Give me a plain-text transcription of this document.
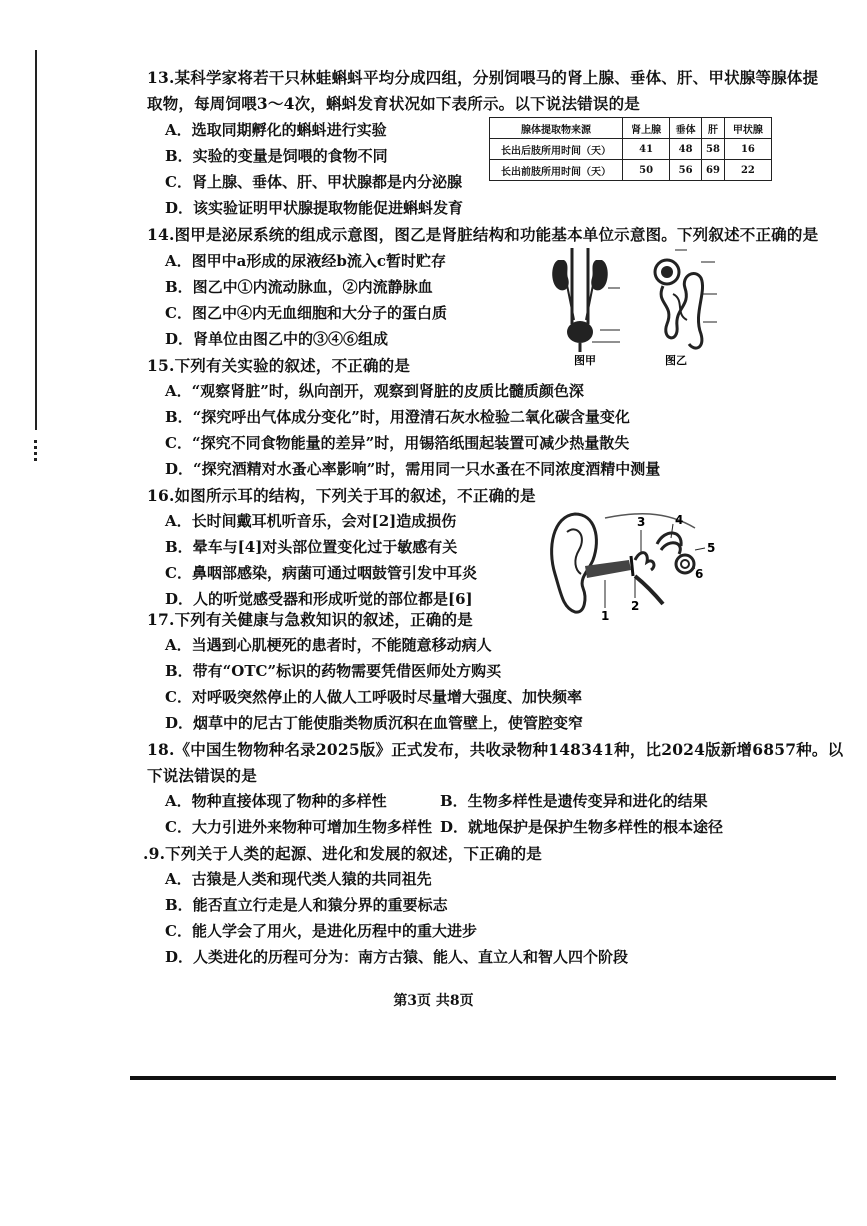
13.某科学家将若干只林蛙蝌蚪平均分成四组，分别饲喂马的肾上腺、垂体、肝、甲状腺等腺体提
取物，每周饲喂3～4次，蝌蚪发育状况如下表所示。以下说法错误的是
A．选取同期孵化的蝌蚪进行实验
B．实验的变量是饲喂的食物不同
C．肾上腺、垂体、肝、甲状腺都是内分泌腺
D．该实验证明甲状腺提取物能促进蝌蚪发育
腺体提取物来源	肾上腺	垂体	肝	甲状腺
长出后肢所用时间（天）	41	48	58	16
长出前肢所用时间（天）	50	56	69	22
14.图甲是泌尿系统的组成示意图，图乙是肾脏结构和功能基本单位示意图。下列叙述不正确的是
A．图甲中a形成的尿液经b流入c暂时贮存
B．图乙中①内流动脉血，②内流静脉血
C．图乙中④内无血细胞和大分子的蛋白质
D．肾单位由图乙中的③④⑥组成
图甲	图乙
15.下列有关实验的叙述，不正确的是
A．“观察肾脏”时，纵向剖开，观察到肾脏的皮质比髓质颜色深
B．“探究呼出气体成分变化”时，用澄清石灰水检验二氧化碳含量变化
C．“探究不同食物能量的差异”时，用锡箔纸围起装置可减少热量散失
D．“探究酒精对水蚤心率影响”时，需用同一只水蚤在不同浓度酒精中测量
16.如图所示耳的结构，下列关于耳的叙述，不正确的是
A．长时间戴耳机听音乐，会对[2]造成损伤
B．晕车与[4]对头部位置变化过于敏感有关
C．鼻咽部感染，病菌可通过咽鼓管引发中耳炎
D．人的听觉感受器和形成听觉的部位都是[6]
1
2
3 4
5
6
17.下列有关健康与急救知识的叙述，正确的是
A．当遇到心肌梗死的患者时，不能随意移动病人
B．带有“OTC”标识的药物需要凭借医师处方购买
C．对呼吸突然停止的人做人工呼吸时尽量增大强度、加快频率
D．烟草中的尼古丁能使脂类物质沉积在血管壁上，使管腔变窄
18.《中国生物物种名录2025版》正式发布，共收录物种148341种，比2024版新增6857种。以
下说法错误的是
A．物种直接体现了物种的多样性	B．生物多样性是遗传变异和进化的结果
C．大力引进外来物种可增加生物多样性 D．就地保护是保护生物多样性的根本途径
.9.下列关于人类的起源、进化和发展的叙述，下正确的是
A．古猿是人类和现代类人猿的共同祖先
B．能否直立行走是人和猿分界的重要标志
C．能人学会了用火，是进化历程中的重大进步
D．人类进化的历程可分为：南方古猿、能人、直立人和智人四个阶段
第3页 共8页
